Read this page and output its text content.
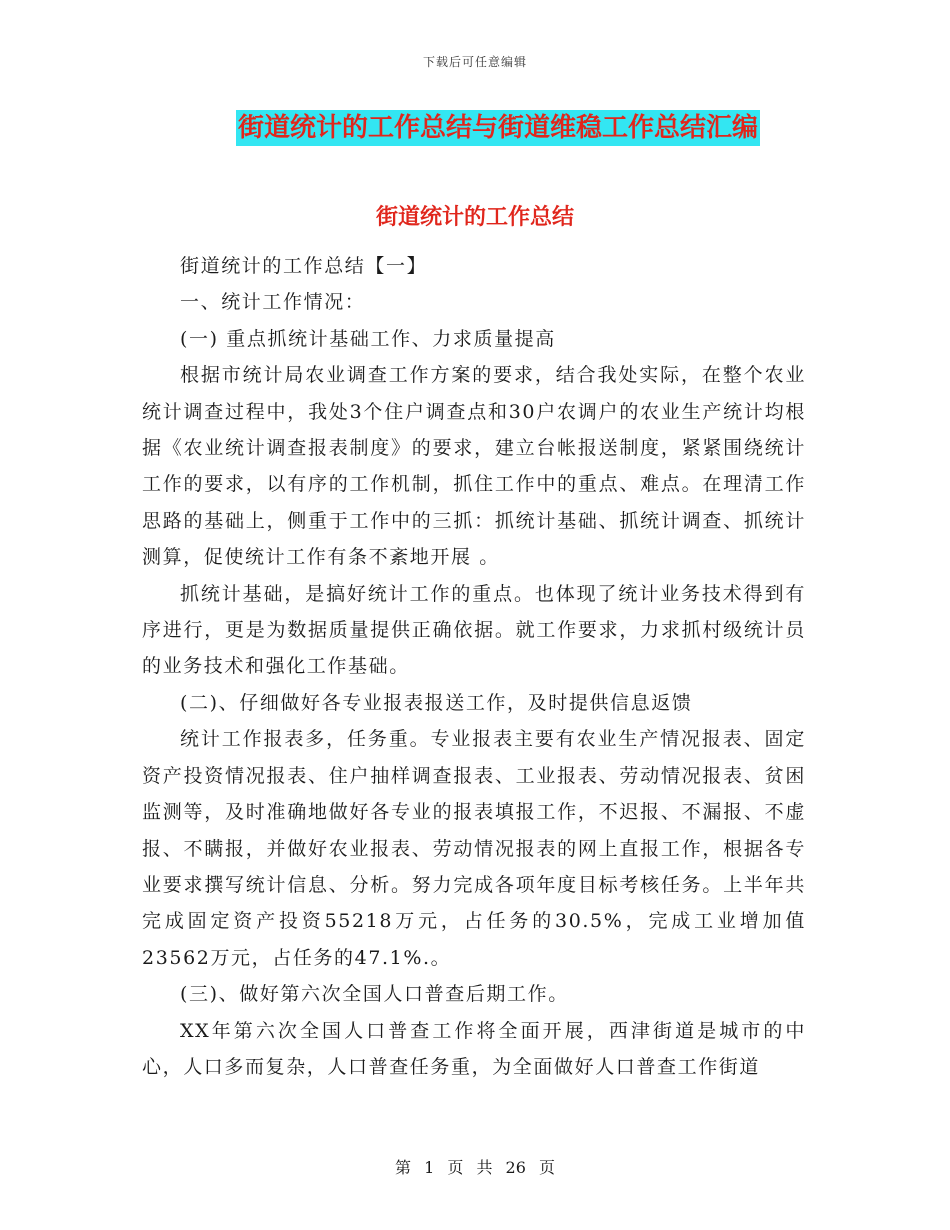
下载后可任意编辑
街道统计的工作总结与街道维稳工作总结汇编
街道统计的工作总结

街道统计的工作总结【一】

一、统计工作情况：

(一) 重点抓统计基础工作、力求质量提高

根据市统计局农业调查工作方案的要求，结合我处实际，在整个农业统计调查过程中，我处3个住户调查点和30户农调户的农业生产统计均根据《农业统计调查报表制度》的要求，建立台帐报送制度，紧紧围绕统计工作的要求，以有序的工作机制，抓住工作中的重点、难点。在理清工作思路的基础上，侧重于工作中的三抓：抓统计基础、抓统计调查、抓统计测算，促使统计工作有条不紊地开展 。

抓统计基础，是搞好统计工作的重点。也体现了统计业务技术得到有序进行，更是为数据质量提供正确依据。就工作要求，力求抓村级统计员的业务技术和强化工作基础。

(二)、仔细做好各专业报表报送工作，及时提供信息返馈

统计工作报表多，任务重。专业报表主要有农业生产情况报表、固定资产投资情况报表、住户抽样调查报表、工业报表、劳动情况报表、贫困监测等，及时准确地做好各专业的报表填报工作，不迟报、不漏报、不虚报、不瞒报，并做好农业报表、劳动情况报表的网上直报工作，根据各专业要求撰写统计信息、分析。努力完成各项年度目标考核任务。上半年共完成固定资产投资55218万元，占任务的30.5%，完成工业增加值23562万元，占任务的47.1%.。

(三)、做好第六次全国人口普查后期工作。

XX年第六次全国人口普查工作将全面开展，西津街道是城市的中心，人口多而复杂，人口普查任务重，为全面做好人口普查工作街道

第 1 页 共 26 页
